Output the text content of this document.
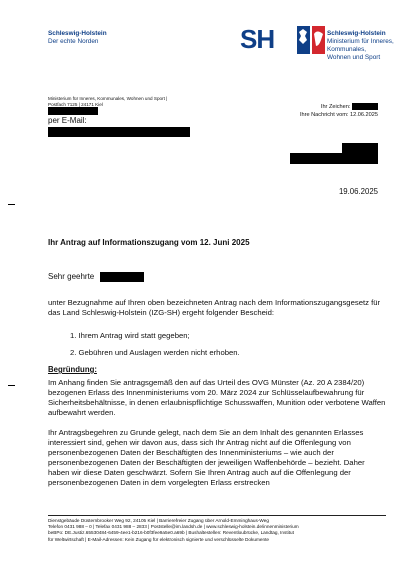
Schleswig-Holstein
Der echte Norden	SH	Schleswig-Holstein
Ministerium für Inneres,
Kommunales,
Wohnen und Sport
Ministerium für Inneres, Kommunales, Wohnen und Sport |
Postfach 7125 | 24171 Kiel
per E-Mail:
Ihr Zeichen:
Ihre Nachricht vom: 12.06.2025
19.06.2025
Ihr Antrag auf Informationszugang vom 12. Juni 2025
Sehr geehrte
unter Bezugnahme auf Ihren oben bezeichneten Antrag nach dem Informationszugangsgesetz für das Land Schleswig-Holstein (IZG-SH) ergeht folgender Bescheid:
1. Ihrem Antrag wird statt gegeben;
2. Gebühren und Auslagen werden nicht erhoben.
Begründung:
Im Anhang finden Sie antragsgemäß den auf das Urteil des OVG Münster (Az. 20 A 2384/20) bezogenen Erlass des Innenministeriums vom 20. März 2024 zur Schlüsselaufbewahrung für Sicherheitsbehältnisse, in denen erlaubnispflichtige Schusswaffen, Munition oder verbotene Waffen aufbewahrt werden.
Ihr Antragsbegehren zu Grunde gelegt, nach dem Sie an dem Inhalt des genannten Erlasses interessiert sind, gehen wir davon aus, dass sich Ihr Antrag nicht auf die Offenlegung von personenbezogenen Daten der Beschäftigten des Innenministeriums – wie auch der personenbezogenen Daten der Beschäftigten der jeweiligen Waffenbehörde – bezieht. Daher haben wir diese Daten geschwärzt. Sofern Sie Ihren Antrag auch auf die Offenlegung der personenbezogenen Daten in dem vorgelegten Erlass erstrecken
Dienstgebäude Düsternbrooker Weg 92, 24105 Kiel | Barrierefreier Zugang über Arnold-Emminghaus-Weg
Telefon 0431 988 – 0 | Telefax 0431 988 – 2833 | Poststelle@im.landsh.de | www.schleswig-holstein.de/innenministerium
beBPo: DE.Justiz.65530484-6459-4ee1-b216-b0f3fee9a5e0.a69b | Bushaltestellen: Reventloubrücke, Landtag, Institut
für Weltwirtschaft | E-Mail-Adressen: Kein Zugang für elektronisch signierte und verschlüsselte Dokumente
